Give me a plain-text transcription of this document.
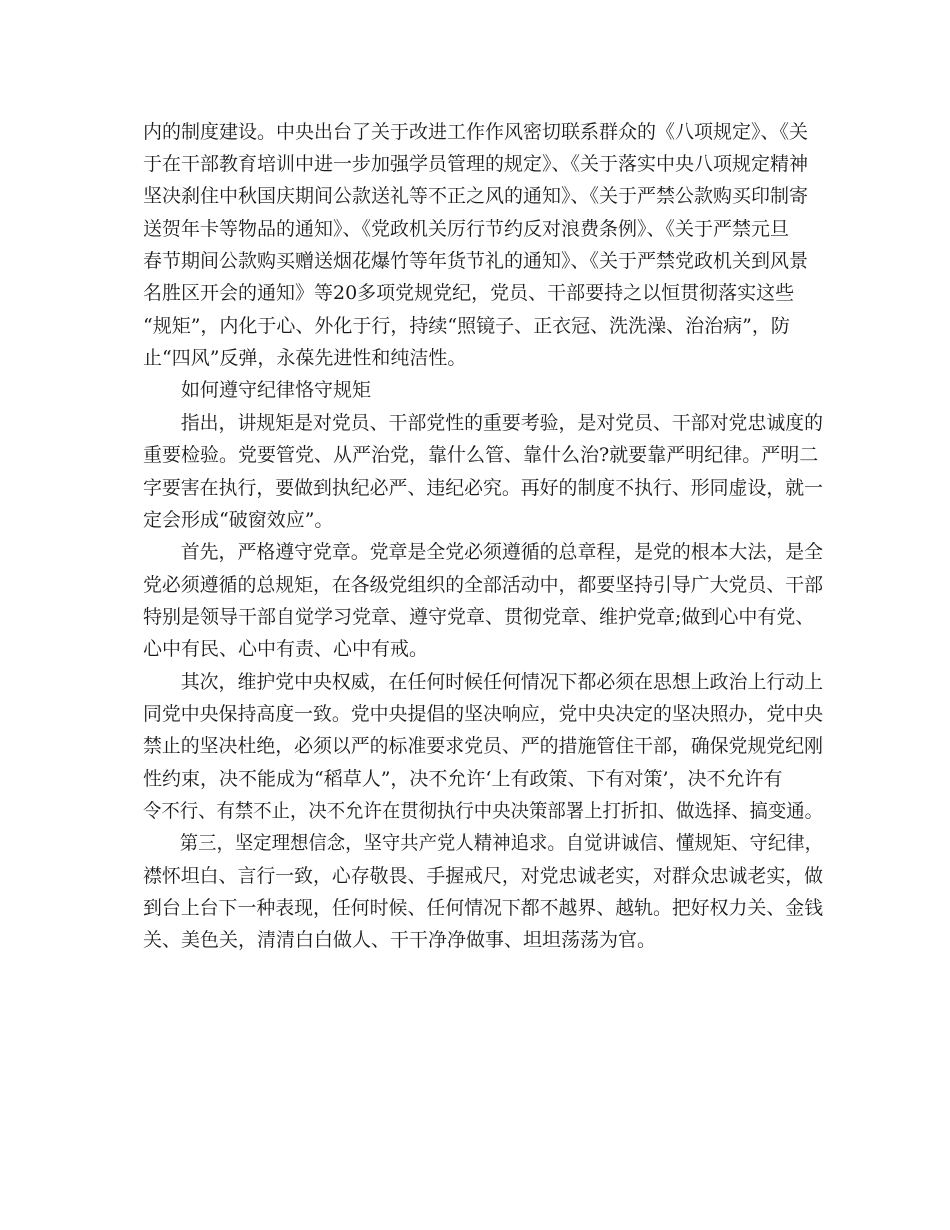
内的制度建设。中央出台了关于改进工作作风密切联系群众的《八项规定》、《关
于在干部教育培训中进一步加强学员管理的规定》、《关于落实中央八项规定精神
坚决刹住中秋国庆期间公款送礼等不正之风的通知》、《关于严禁公款购买印制寄
送贺年卡等物品的通知》、《党政机关厉行节约反对浪费条例》、《关于严禁元旦
春节期间公款购买赠送烟花爆竹等年货节礼的通知》、《关于严禁党政机关到风景
名胜区开会的通知》等20多项党规党纪，党员、干部要持之以恒贯彻落实这些
“规矩”，内化于心、外化于行，持续“照镜子、正衣冠、洗洗澡、治治病”，防
止“四风”反弹，永葆先进性和纯洁性。
　　如何遵守纪律恪守规矩
　　指出，讲规矩是对党员、干部党性的重要考验，是对党员、干部对党忠诚度的
重要检验。党要管党、从严治党，靠什么管、靠什么治?就要靠严明纪律。严明二
字要害在执行，要做到执纪必严、违纪必究。再好的制度不执行、形同虚设，就一
定会形成“破窗效应”。
　　首先，严格遵守党章。党章是全党必须遵循的总章程，是党的根本大法，是全
党必须遵循的总规矩，在各级党组织的全部活动中，都要坚持引导广大党员、干部
特别是领导干部自觉学习党章、遵守党章、贯彻党章、维护党章;做到心中有党、
心中有民、心中有责、心中有戒。
　　其次，维护党中央权威，在任何时候任何情况下都必须在思想上政治上行动上
同党中央保持高度一致。党中央提倡的坚决响应，党中央决定的坚决照办，党中央
禁止的坚决杜绝，必须以严的标准要求党员、严的措施管住干部，确保党规党纪刚
性约束，决不能成为“稻草人”，决不允许‘上有政策、下有对策’，决不允许有
令不行、有禁不止，决不允许在贯彻执行中央决策部署上打折扣、做选择、搞变通。
　　第三，坚定理想信念，坚守共产党人精神追求。自觉讲诚信、懂规矩、守纪律，
襟怀坦白、言行一致，心存敬畏、手握戒尺，对党忠诚老实，对群众忠诚老实，做
到台上台下一种表现，任何时候、任何情况下都不越界、越轨。把好权力关、金钱
关、美色关，清清白白做人、干干净净做事、坦坦荡荡为官。
